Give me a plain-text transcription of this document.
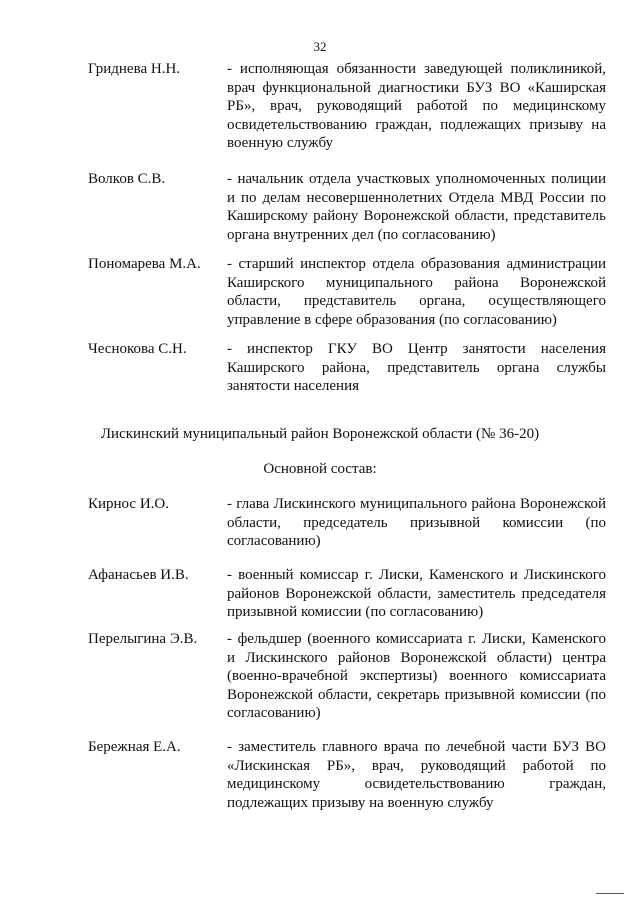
32
Гриднева Н.Н.	- исполняющая обязанности заведующей поликлиникой, врач функциональной диагностики БУЗ ВО «Каширская РБ», врач, руководящий работой по медицинскому освидетельствованию граждан, подлежащих призыву на военную службу
Волков С.В.	- начальник отдела участковых уполномоченных полиции и по делам несовершеннолетних Отдела МВД России по Каширскому району Воронежской области, представитель органа внутренних дел (по согласованию)
Пономарева М.А. - старший инспектор отдела образования администрации Каширского муниципального района Воронежской области, представитель органа, осуществляющего управление в сфере образования (по согласованию)
Чеснокова С.Н.	- инспектор ГКУ ВО Центр занятости населения Каширского района, представитель органа службы занятости населения
Лискинский муниципальный район Воронежской области (№ 36-20)
Основной состав:
Кирнос И.О.	- глава Лискинского муниципального района Воронежской области, председатель призывной комиссии (по согласованию)
Афанасьев И.В.	- военный комиссар г. Лиски, Каменского и Лискинского районов Воронежской области, заместитель председателя призывной комиссии (по согласованию)
Перелыгина Э.В. - фельдшер (военного комиссариата г. Лиски, Каменского и Лискинского районов Воронежской области) центра (военно-врачебной экспертизы) военного комиссариата Воронежской области, секретарь призывной комиссии (по согласованию)
Бережная Е.А.	- заместитель главного врача по лечебной части БУЗ ВО «Лискинская РБ», врач, руководящий работой по медицинскому освидетельствованию граждан, подлежащих призыву на военную службу
